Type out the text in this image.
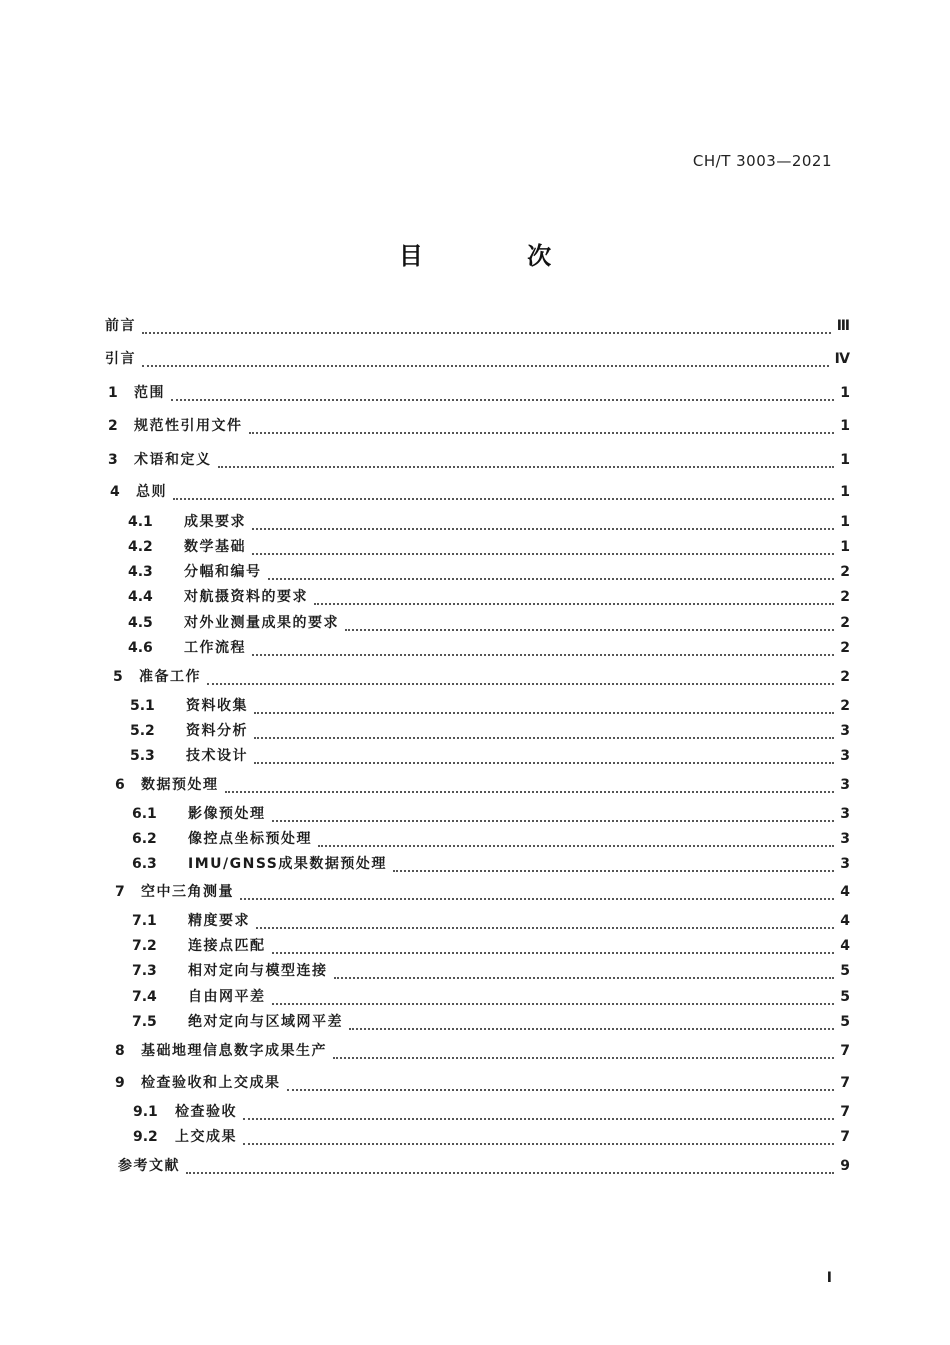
CH/T 3003—2021
目 次
前言	Ⅲ
引言	Ⅳ
1	范围	1
2	规范性引用文件	1
3	术语和定义	1
4	总则	1
4.1	成果要求	1
4.2	数学基础	1
4.3	分幅和编号	2
4.4	对航摄资料的要求	2
4.5	对外业测量成果的要求	2
4.6	工作流程	2
5	准备工作	2
5.1	资料收集	2
5.2	资料分析	3
5.3	技术设计	3
6	数据预处理	3
6.1	影像预处理	3
6.2	像控点坐标预处理	3
6.3	IMU/GNSS成果数据预处理	3
7	空中三角测量	4
7.1	精度要求	4
7.2	连接点匹配	4
7.3	相对定向与模型连接	5
7.4	自由网平差	5
7.5	绝对定向与区域网平差	5
8	基础地理信息数字成果生产	7
9	检查验收和上交成果	7
9.1	检查验收	7
9.2	上交成果	7
参考文献	9
I
